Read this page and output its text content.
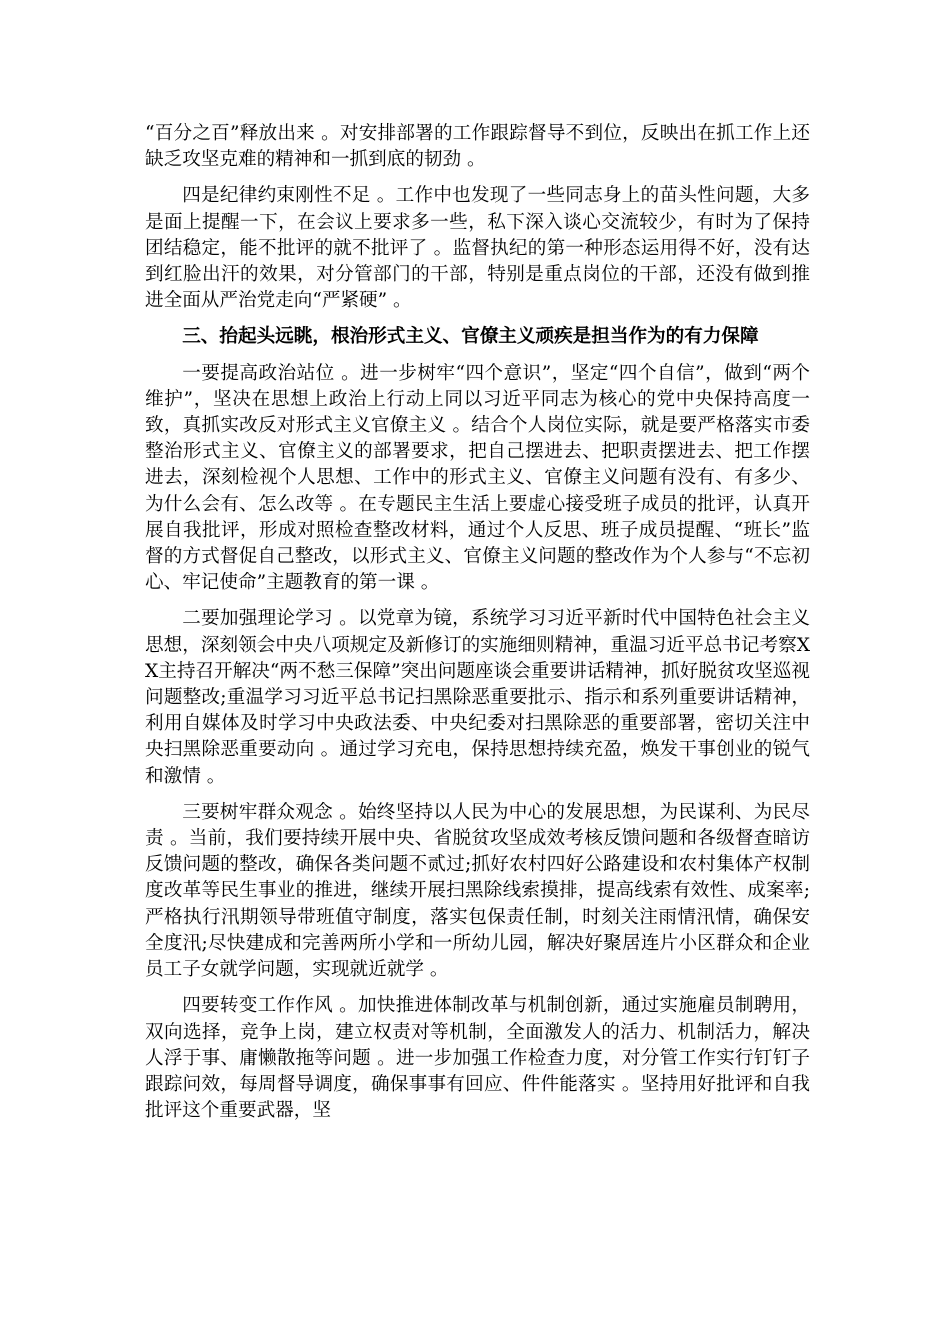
“百分之百”释放出来 。对安排部署的工作跟踪督导不到位，反映出在抓工作上还缺乏攻坚克难的精神和一抓到底的韧劲 。

四是纪律约束刚性不足 。工作中也发现了一些同志身上的苗头性问题，大多是面上提醒一下，在会议上要求多一些，私下深入谈心交流较少，有时为了保持团结稳定，能不批评的就不批评了 。监督执纪的第一种形态运用得不好，没有达到红脸出汗的效果，对分管部门的干部，特别是重点岗位的干部，还没有做到推进全面从严治党走向“严紧硬” 。

三、抬起头远眺，根治形式主义、官僚主义顽疾是担当作为的有力保障

一要提高政治站位 。进一步树牢“四个意识”，坚定“四个自信”，做到“两个维护”，坚决在思想上政治上行动上同以习近平同志为核心的党中央保持高度一致，真抓实改反对形式主义官僚主义 。结合个人岗位实际，就是要严格落实市委整治形式主义、官僚主义的部署要求，把自己摆进去、把职责摆进去、把工作摆进去，深刻检视个人思想、工作中的形式主义、官僚主义问题有没有、有多少、为什么会有、怎么改等 。在专题民主生活上要虚心接受班子成员的批评，认真开展自我批评，形成对照检查整改材料，通过个人反思、班子成员提醒、“班长”监督的方式督促自己整改，以形式主义、官僚主义问题的整改作为个人参与“不忘初心、牢记使命”主题教育的第一课 。

二要加强理论学习 。以党章为镜，系统学习习近平新时代中国特色社会主义思想，深刻领会中央八项规定及新修订的实施细则精神，重温习近平总书记考察XX主持召开解决“两不愁三保障”突出问题座谈会重要讲话精神，抓好脱贫攻坚巡视问题整改;重温学习习近平总书记扫黑除恶重要批示、指示和系列重要讲话精神，利用自媒体及时学习中央政法委、中央纪委对扫黑除恶的重要部署，密切关注中央扫黑除恶重要动向 。通过学习充电，保持思想持续充盈，焕发干事创业的锐气和激情 。

三要树牢群众观念 。始终坚持以人民为中心的发展思想，为民谋利、为民尽责 。当前，我们要持续开展中央、省脱贫攻坚成效考核反馈问题和各级督查暗访反馈问题的整改，确保各类问题不贰过;抓好农村四好公路建设和农村集体产权制度改革等民生事业的推进，继续开展扫黑除线索摸排，提高线索有效性、成案率;严格执行汛期领导带班值守制度，落实包保责任制，时刻关注雨情汛情，确保安全度汛;尽快建成和完善两所小学和一所幼儿园，解决好聚居连片小区群众和企业员工子女就学问题，实现就近就学 。

四要转变工作作风 。加快推进体制改革与机制创新，通过实施雇员制聘用，双向选择，竞争上岗，建立权责对等机制，全面激发人的活力、机制活力，解决人浮于事、庸懒散拖等问题 。进一步加强工作检查力度，对分管工作实行钉钉子跟踪问效，每周督导调度，确保事事有回应、件件能落实 。坚持用好批评和自我批评这个重要武器，坚
